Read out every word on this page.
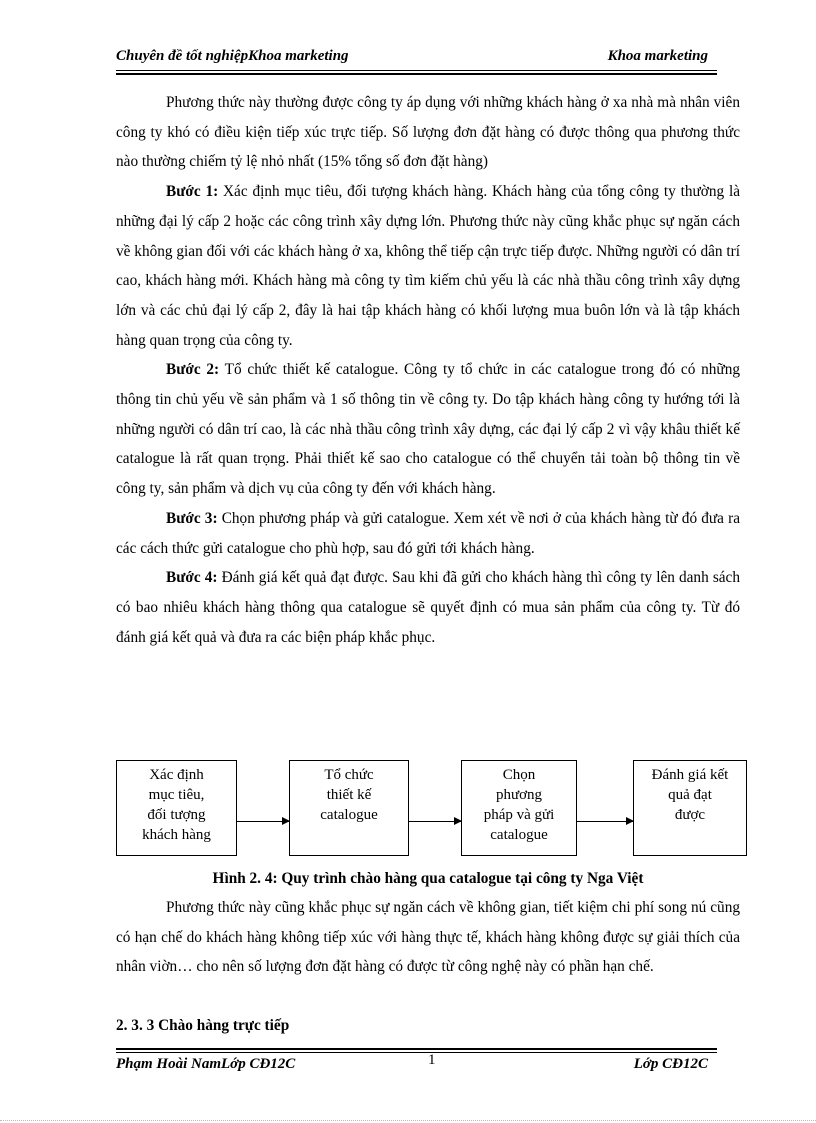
Chuyên đề tốt nghiệpKhoa marketing	Khoa marketing

Phương thức này thường được công ty áp dụng với những khách hàng ở xa nhà mà nhân viên công ty khó có điều kiện tiếp xúc trực tiếp. Số lượng đơn đặt hàng có được thông qua phương thức nào thường chiếm tỷ lệ nhỏ nhất (15% tổng số đơn đặt hàng)

Bước 1: Xác định mục tiêu, đối tượng khách hàng. Khách hàng của tổng công ty thường là những đại lý cấp 2 hoặc các công trình xây dựng lớn. Phương thức này cũng khắc phục sự ngăn cách về không gian đối với các khách hàng ở xa, không thể tiếp cận trực tiếp được. Những người có dân trí cao, khách hàng mới. Khách hàng mà công ty tìm kiếm chủ yếu là các nhà thầu công trình xây dựng lớn và các chủ đại lý cấp 2, đây là hai tập khách hàng có khối lượng mua buôn lớn và là tập khách hàng quan trọng của công ty.

Bước 2: Tổ chức thiết kế catalogue. Công ty tổ chức in các catalogue trong đó có những thông tin chủ yếu về sản phẩm và 1 số thông tin về công ty. Do tập khách hàng công ty hướng tới là những người có dân trí cao, là các nhà thầu công trình xây dựng, các đại lý cấp 2 vì vậy khâu thiết kế catalogue là rất quan trọng. Phải thiết kế sao cho catalogue có thể chuyển tải toàn bộ thông tin về công ty, sản phẩm và dịch vụ của công ty đến với khách hàng.

Bước 3: Chọn phương pháp và gửi catalogue. Xem xét về nơi ở của khách hàng từ đó đưa ra các cách thức gửi catalogue cho phù hợp, sau đó gửi tới khách hàng.

Bước 4: Đánh giá kết quả đạt được. Sau khi đã gửi cho khách hàng thì công ty lên danh sách có bao nhiêu khách hàng thông qua catalogue sẽ quyết định có mua sản phẩm của công ty. Từ đó đánh giá kết quả và đưa ra các biện pháp khắc phục.

Xác định
mục tiêu,
đối tượng
khách hàng
Tổ chức
thiết kế
catalogue
Chọn
phương
pháp và gửi
catalogue
Đánh giá kết
quả đạt
được
Hình 2. 4: Quy trình chào hàng qua catalogue tại công ty Nga Việt

Phương thức này cũng khắc phục sự ngăn cách về không gian, tiết kiệm chi phí song nú cũng có hạn chế do khách hàng không tiếp xúc với hàng thực tế, khách hàng không được sự giải thích của nhân viờn… cho nên số lượng đơn đặt hàng có được từ công nghệ này có phần hạn chế.

2. 3. 3 Chào hàng trực tiếp
Phạm Hoài NamLớp CĐ12C	1	Lớp CĐ12C
